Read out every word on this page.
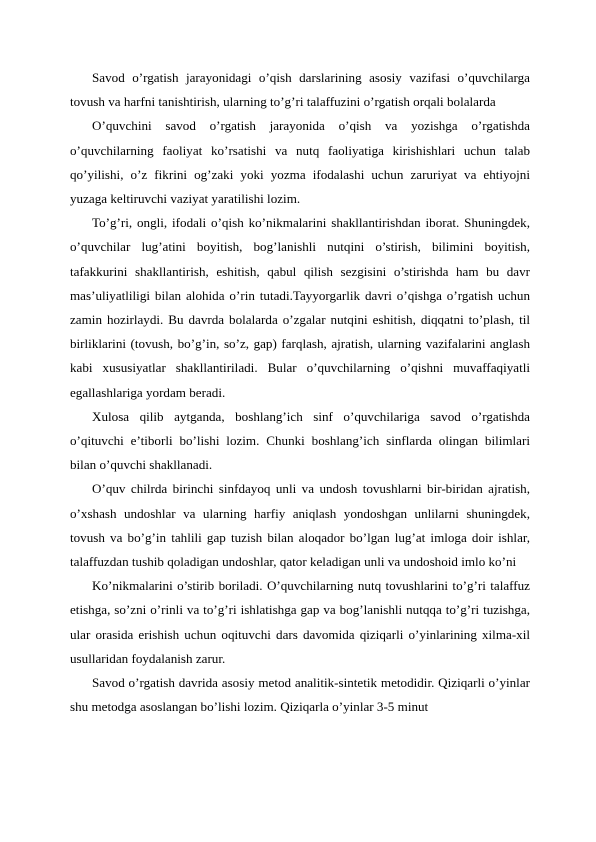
Savod o’rgatish jarayonidagi o’qish darslarining asosiy vazifasi o’quvchilarga tovush va harfni tanishtirish, ularning to’g’ri talaffuzini o’rgatish orqali bolalarda

O’quvchini savod o’rgatish jarayonida o’qish va yozishga o’rgatishda o’quvchilarning faoliyat ko’rsatishi va nutq faoliyatiga kirishishlari uchun talab qo’yilishi, o’z fikrini og’zaki yoki yozma ifodalashi uchun zaruriyat va ehtiyojni yuzaga keltiruvchi vaziyat yaratilishi lozim.

To’g’ri, ongli, ifodali o’qish ko’nikmalarini shakllantirishdan iborat. Shuningdek, o’quvchilar lug’atini boyitish, bog’lanishli nutqini o’stirish, bilimini boyitish, tafakkurini shakllantirish, eshitish, qabul qilish sezgisini o’stirishda ham bu davr mas’uliyatliligi bilan alohida o’rin tutadi.Tayyorgarlik davri o’qishga o’rgatish uchun zamin hozirlaydi. Bu davrda bolalarda o’zgalar nutqini eshitish, diqqatni to’plash, til birliklarini (tovush, bo’g’in, so’z, gap) farqlash, ajratish, ularning vazifalarini anglash kabi xususiyatlar shakllantiriladi. Bular o’quvchilarning o’qishni muvaffaqiyatli egallashlariga yordam beradi.

Xulosa qilib aytganda, boshlang’ich sinf o’quvchilariga savod o’rgatishda o’qituvchi e’tiborli bo’lishi lozim. Chunki boshlang’ich sinflarda olingan bilimlari bilan o’quvchi shakllanadi.

O’quv chilrda birinchi sinfdayoq unli va undosh tovushlarni bir-biridan ajratish, o’xshash undoshlar va ularning harfiy aniqlash yondoshgan unlilarni shuningdek, tovush va bo’g’in tahlili gap tuzish bilan aloqador bo’lgan lug’at imloga doir ishlar, talaffuzdan tushib qoladigan undoshlar, qator keladigan unli va undoshoid imlo ko’ni

Ko’nikmalarini o’stirib boriladi. O’quvchilarning nutq tovushlarini to’g’ri talaffuz etishga, so’zni o’rinli va to’g’ri ishlatishga gap va bog’lanishli nutqqa to’g’ri tuzishga, ular orasida erishish uchun oqituvchi dars davomida qiziqarli o’yinlarining xilma-xil usullaridan foydalanish zarur.

Savod o’rgatish davrida asosiy metod analitik-sintetik metodidir. Qiziqarli o’yinlar shu metodga asoslangan bo’lishi lozim. Qiziqarla o’yinlar 3-5 minut
